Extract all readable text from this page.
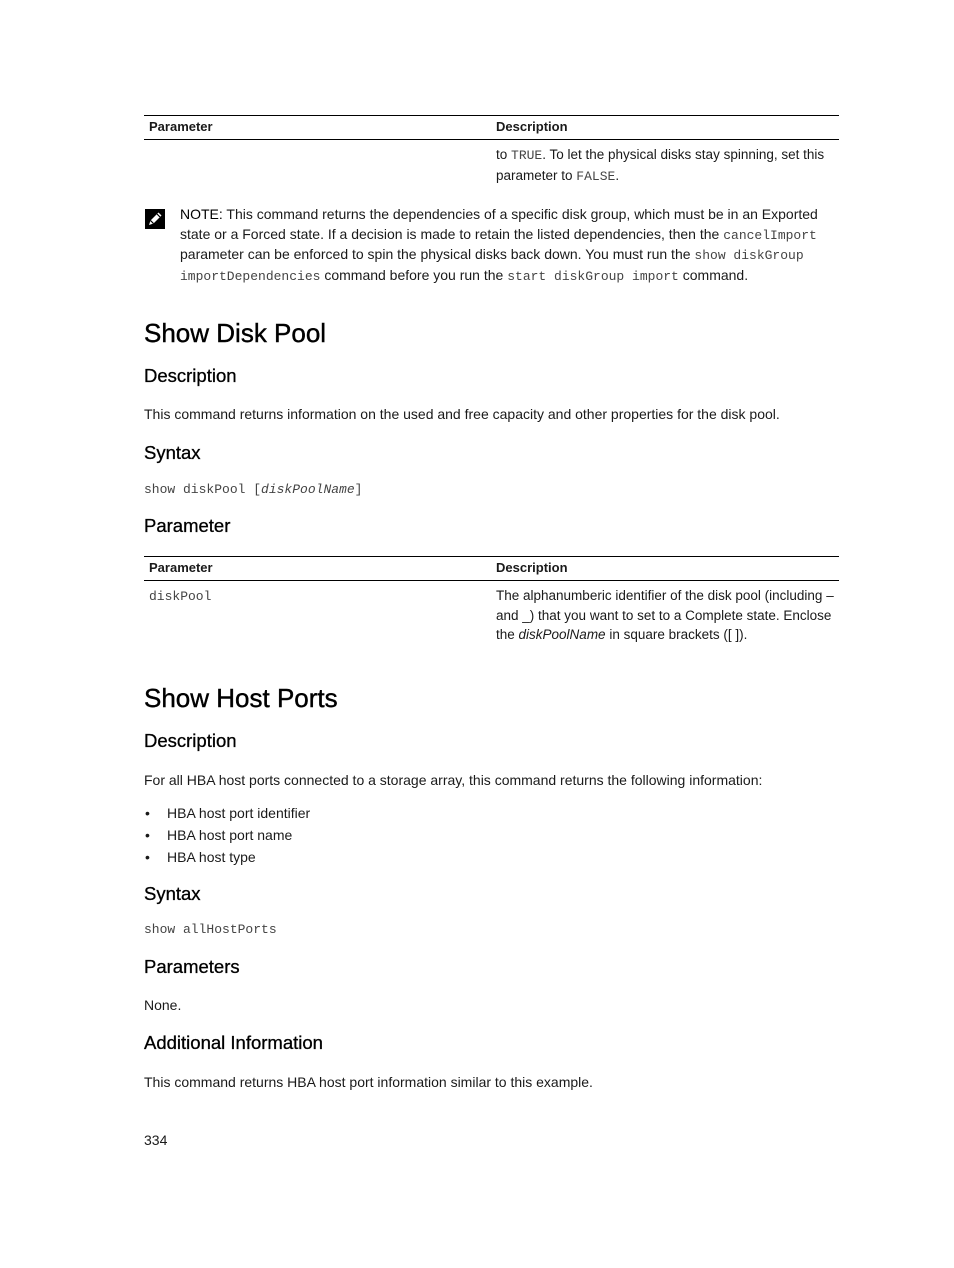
Parameter	Description
	to TRUE. To let the physical disks stay spinning, set this parameter to FALSE.
NOTE: This command returns the dependencies of a specific disk group, which must be in an Exported state or a Forced state. If a decision is made to retain the listed dependencies, then the cancelImport parameter can be enforced to spin the physical disks back down. You must run the show diskGroup importDependencies command before you run the start diskGroup import command.
Show Disk Pool
Description

This command returns information on the used and free capacity and other properties for the disk pool.

Syntax
show diskPool [diskPoolName]
Parameter
Parameter	Description
diskPool	The alphanumberic identifier of the disk pool (including – and _) that you want to set to a Complete state. Enclose the diskPoolName in square brackets ([ ]).
Show Host Ports
Description

For all HBA host ports connected to a storage array, this command returns the following information:

• HBA host port identifier
• HBA host port name
• HBA host type
Syntax
show allHostPorts
Parameters

None.

Additional Information

This command returns HBA host port information similar to this example.

334
